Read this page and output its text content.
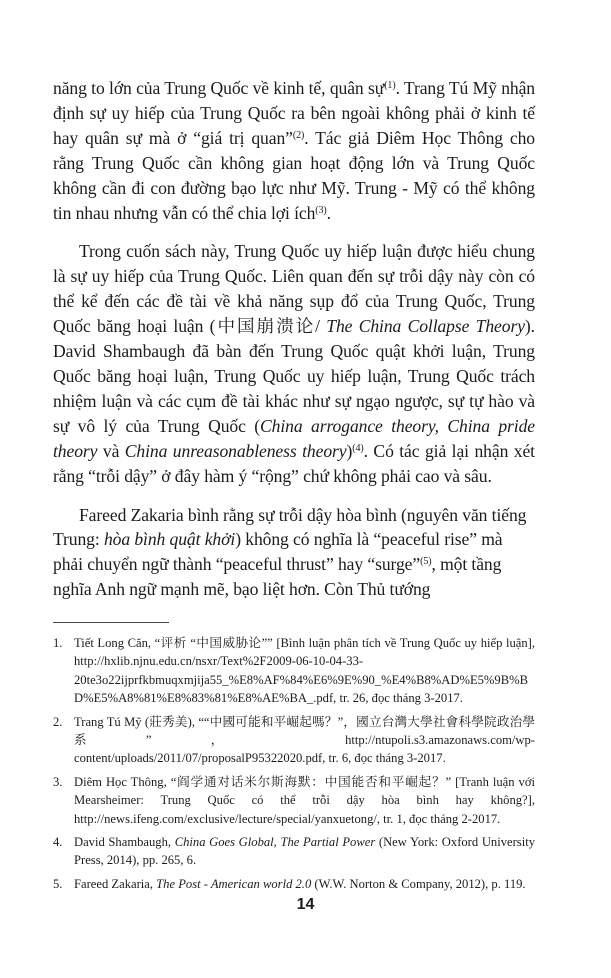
năng to lớn của Trung Quốc về kinh tế, quân sự$^{(1)}$. Trang Tú Mỹ nhận định sự uy hiếp của Trung Quốc ra bên ngoài không phải ở kinh tế hay quân sự mà ở “giá trị quan”$^{(2)}$. Tác giả Diêm Học Thông cho rằng Trung Quốc cần không gian hoạt động lớn và Trung Quốc không cần đi con đường bạo lực như Mỹ. Trung - Mỹ có thể không tin nhau nhưng vẫn có thể chia lợi ích$^{(3)}$.

Trong cuốn sách này, Trung Quốc uy hiếp luận được hiểu chung là sự uy hiếp của Trung Quốc. Liên quan đến sự trỗi dậy này còn có thể kể đến các đề tài về khả năng sụp đổ của Trung Quốc, Trung Quốc băng hoại luận (中国崩溃论/ The China Collapse Theory). David Shambaugh đã bàn đến Trung Quốc quật khởi luận, Trung Quốc băng hoại luận, Trung Quốc uy hiếp luận, Trung Quốc trách nhiệm luận và các cụm đề tài khác như sự ngạo ngược, sự tự hào và sự vô lý của Trung Quốc (China arrogance theory, China pride theory và China unreasonableness theory)$^{(4)}$. Có tác giả lại nhận xét rằng “trỗi dậy” ở đây hàm ý “rộng” chứ không phải cao và sâu.

Fareed Zakaria bình rằng sự trỗi dậy hòa bình (nguyên văn tiếng Trung: hòa bình quật khởi) không có nghĩa là “peaceful rise” mà phải chuyển ngữ thành “peaceful thrust” hay “surge”$^{(5)}$, một tầng nghĩa Anh ngữ mạnh mẽ, bạo liệt hơn. Còn Thủ tướng

1. Tiết Long Căn, “评析 “中国威胁论”” [Bình luận phân tích về Trung Quốc uy hiếp luận], http://hxlib.njnu.edu.cn/nsxr/Text%2F2009-06-10-04-33-20te3o22ijprfkbmuqxmjija55_%E8%AF%84%E6%9E%90_%E4%B8%AD%E5%9B%BD%E5%A8%81%E8%83%81%E8%AE%BA_.pdf, tr. 26, đọc tháng 3-2017.
2. Trang Tú Mỹ (莊秀美), ““中國可能和平崛起嗎？”，國立台灣大學社會科學院政治學系”， http://ntupoli.s3.amazonaws.com/wp-content/uploads/2011/07/proposalP95322020.pdf, tr. 6, đọc tháng 3-2017.
3. Diêm Học Thông, “阎学通对话米尔斯海默：中国能否和平崛起？” [Tranh luận với Mearsheimer: Trung Quốc có thể trỗi dậy hòa bình hay không?], http://news.ifeng.com/exclusive/lecture/special/yanxuetong/, tr. 1, đọc tháng 2-2017.
4. David Shambaugh, China Goes Global, The Partial Power (New York: Oxford University Press, 2014), pp. 265, 6.
5. Fareed Zakaria, The Post - American world 2.0 (W.W. Norton & Company, 2012), p. 119.
14
